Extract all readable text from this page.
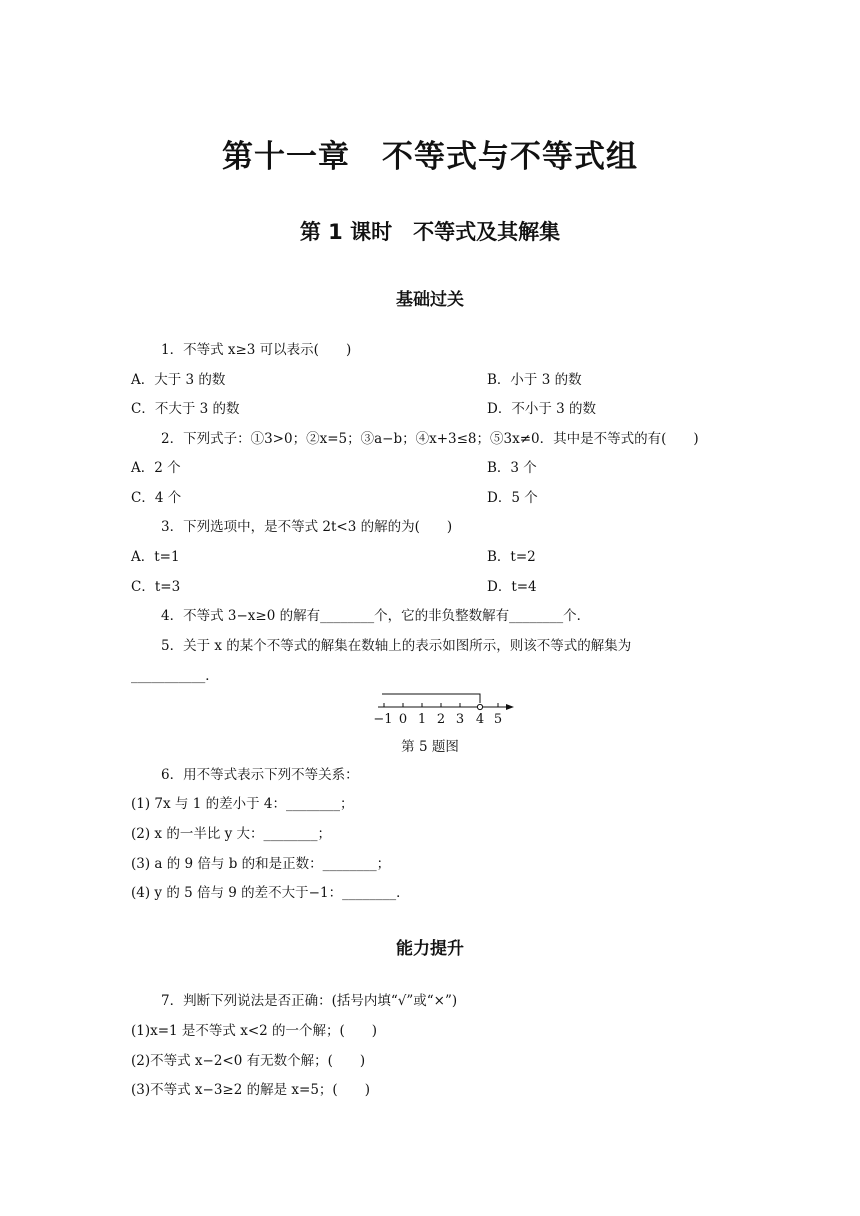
第十一章　不等式与不等式组
第 1 课时　不等式及其解集
基础过关
1．不等式 x≥3 可以表示(　　)
A．大于 3 的数	B．小于 3 的数
C．不大于 3 的数	D．不小于 3 的数
2．下列式子：①3>0；②x=5；③a−b；④x+3≤8；⑤3x≠0．其中是不等式的有(　　)
A．2 个	B．3 个
C．4 个	D．5 个
3．下列选项中，是不等式 2t<3 的解的为(　　)
A．t=1	B．t=2
C．t=3	D．t=4
4．不等式 3−x≥0 的解有________个，它的非负整数解有________个．
5．关于 x 的某个不等式的解集在数轴上的表示如图所示，则该不等式的解集为
___________．
−1 0 1 2 3 4 5
第 5 题图
6．用不等式表示下列不等关系：
(1) 7x 与 1 的差小于 4：________；
(2) x 的一半比 y 大：________；
(3) a 的 9 倍与 b 的和是正数：________；
(4) y 的 5 倍与 9 的差不大于−1：________．
能力提升
7．判断下列说法是否正确：(括号内填“√”或“×”)
(1)x=1 是不等式 x<2 的一个解；(　　)
(2)不等式 x−2<0 有无数个解；(　　)
(3)不等式 x−3≥2 的解是 x=5；(　　)
